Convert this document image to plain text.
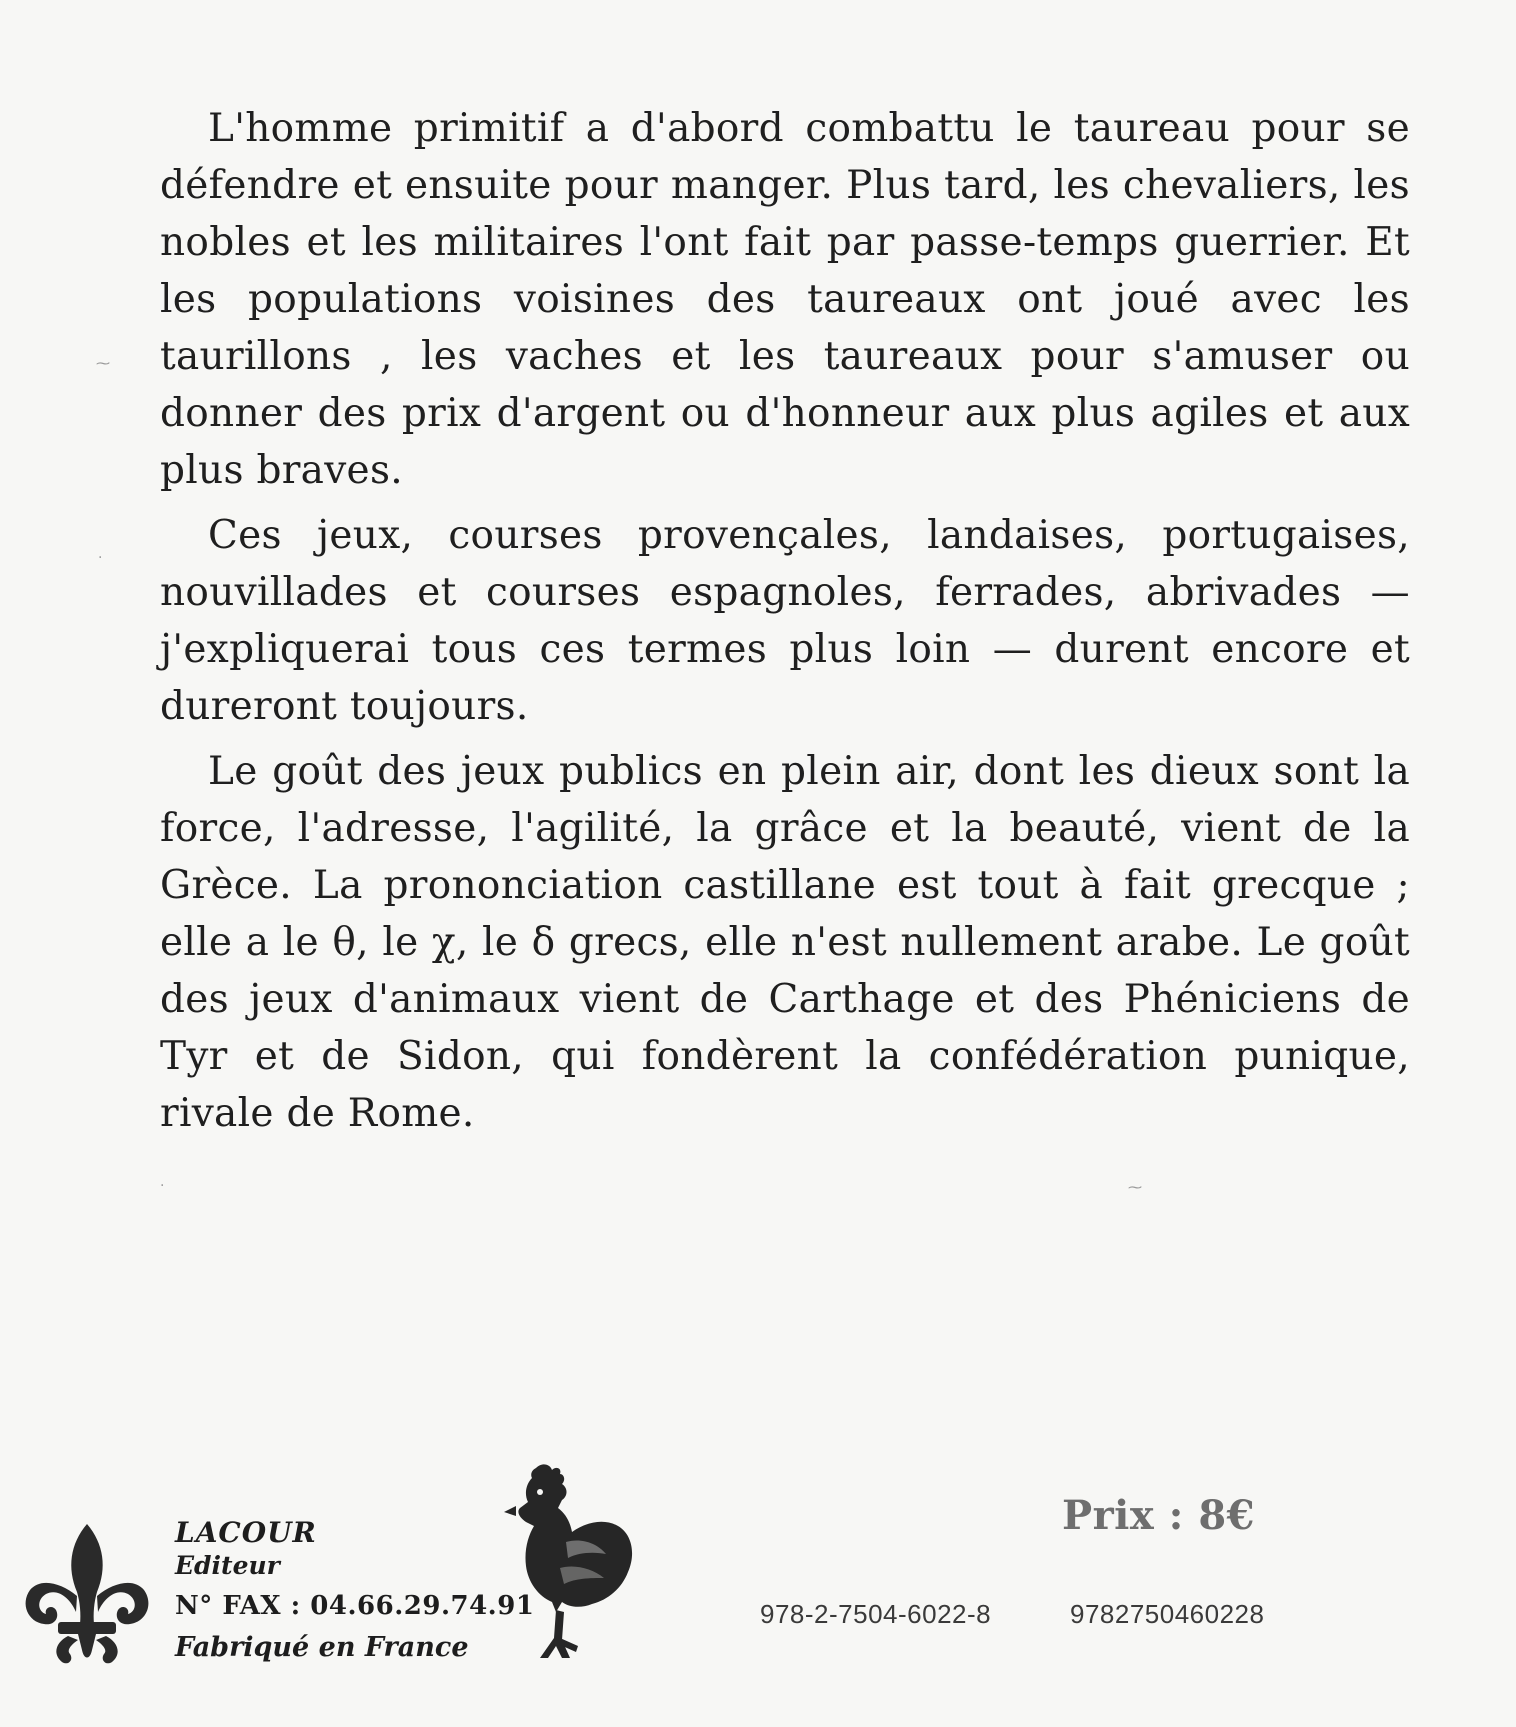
L'homme primitif a d'abord combattu le taureau pour se défendre et ensuite pour manger. Plus tard, les chevaliers, les nobles et les militaires l'ont fait par passe-temps guerrier. Et les populations voisines des taureaux ont joué avec les taurillons , les vaches et les taureaux pour s'amuser ou donner des prix d'argent ou d'honneur aux plus agiles et aux plus braves.

Ces jeux, courses provençales, landaises, portugaises, nouvillades et courses espagnoles, ferrades, abrivades — j'expliquerai tous ces termes plus loin — durent encore et dureront toujours.

Le goût des jeux publics en plein air, dont les dieux sont la force, l'adresse, l'agilité, la grâce et la beauté, vient de la Grèce. La prononciation castillane est tout à fait grecque ; elle a le θ, le χ, le δ grecs, elle n'est nullement arabe. Le goût des jeux d'animaux vient de Carthage et des Phéniciens de Tyr et de Sidon, qui fondèrent la confédération punique, rivale de Rome.

⁓
·
·	⁓
LACOUR
Editeur
N° FAX : 04.66.29.74.91
Fabriqué en France
Prix : 8€
978-2-7504-6022-8	9782750460228
